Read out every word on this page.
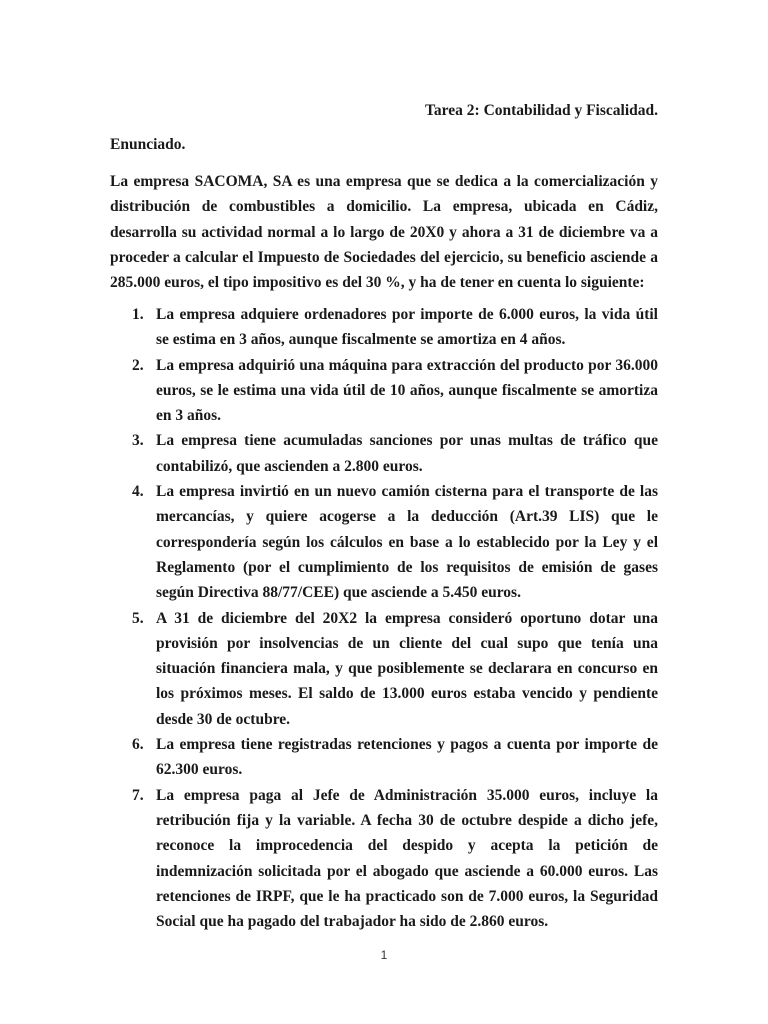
Tarea 2: Contabilidad y Fiscalidad.

Enunciado.

La empresa SACOMA, SA es una empresa que se dedica a la comercialización y distribución de combustibles a domicilio. La empresa, ubicada en Cádiz, desarrolla su actividad normal a lo largo de 20X0 y ahora a 31 de diciembre va a proceder a calcular el Impuesto de Sociedades del ejercicio, su beneficio asciende a 285.000 euros, el tipo impositivo es del 30 %, y ha de tener en cuenta lo siguiente:

1. La empresa adquiere ordenadores por importe de 6.000 euros, la vida útil se estima en 3 años, aunque fiscalmente se amortiza en 4 años.
2. La empresa adquirió una máquina para extracción del producto por 36.000 euros, se le estima una vida útil de 10 años, aunque fiscalmente se amortiza en 3 años.
3. La empresa tiene acumuladas sanciones por unas multas de tráfico que contabilizó, que ascienden a 2.800 euros.
4. La empresa invirtió en un nuevo camión cisterna para el transporte de las mercancías, y quiere acogerse a la deducción (Art.39 LIS) que le correspondería según los cálculos en base a lo establecido por la Ley y el Reglamento (por el cumplimiento de los requisitos de emisión de gases según Directiva 88/77/CEE) que asciende a 5.450 euros.
5. A 31 de diciembre del 20X2 la empresa consideró oportuno dotar una provisión por insolvencias de un cliente del cual supo que tenía una situación financiera mala, y que posiblemente se declarara en concurso en los próximos meses. El saldo de 13.000 euros estaba vencido y pendiente desde 30 de octubre.
6. La empresa tiene registradas retenciones y pagos a cuenta por importe de 62.300 euros.
7. La empresa paga al Jefe de Administración 35.000 euros, incluye la retribución fija y la variable. A fecha 30 de octubre despide a dicho jefe, reconoce la improcedencia del despido y acepta la petición de indemnización solicitada por el abogado que asciende a 60.000 euros. Las retenciones de IRPF, que le ha practicado son de 7.000 euros, la Seguridad Social que ha pagado del trabajador ha sido de 2.860 euros.
1
